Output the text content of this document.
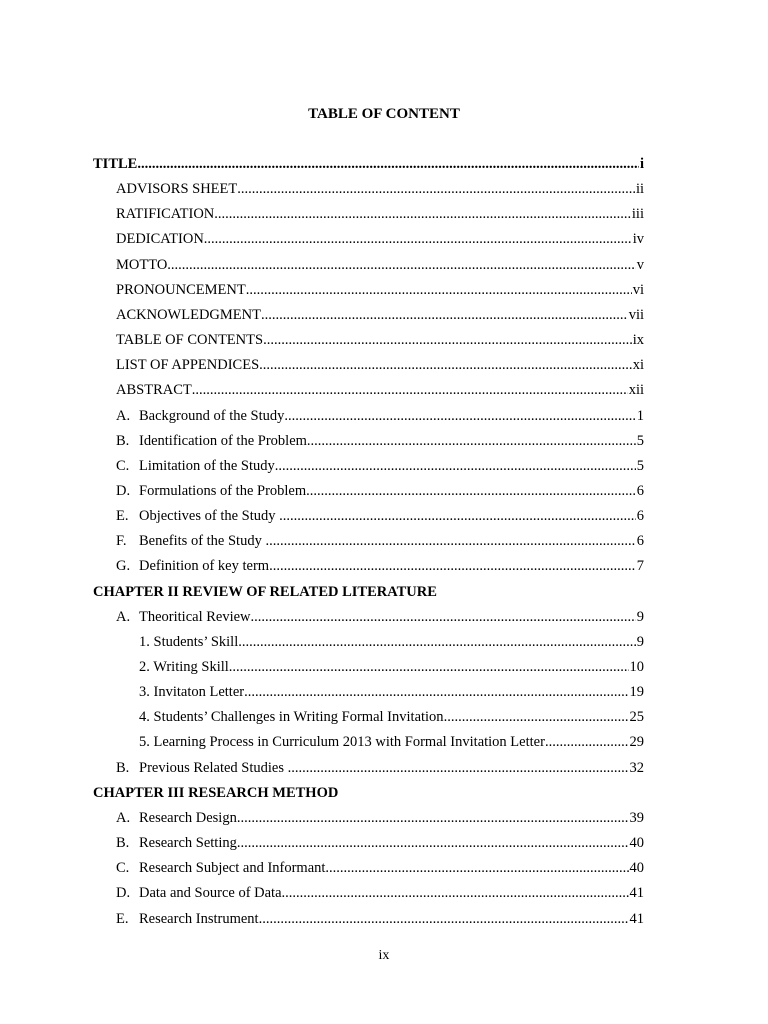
TABLE OF CONTENT
TITLE .....	i
ADVISORS SHEET .....	ii
RATIFICATION .....	iii
DEDICATION .....	iv
MOTTO .....	v
PRONOUNCEMENT .....	vi
ACKNOWLEDGMENT .....	vii
TABLE OF CONTENTS .....	ix
LIST OF APPENDICES .....	xi
ABSTRACT .....	xii
A. Background of the Study .....	1
B. Identification of the Problem .....	5
C. Limitation of the Study .....	5
D. Formulations of the Problem .....	6
E. Objectives of the Study .....	6
F. Benefits of the Study .....	6
G. Definition of key term .....	7
CHAPTER II REVIEW OF RELATED LITERATURE
A. Theoritical Review .....	9
1. Students’ Skill .....	9
2. Writing Skill .....	10
3. Invitaton Letter .....	19
4. Students’ Challenges in Writing Formal Invitation .....	25
5. Learning Process in Curriculum 2013 with Formal Invitation Letter .....	29
B. Previous Related Studies .....	32
CHAPTER III RESEARCH METHOD
A. Research Design .....	39
B. Research Setting .....	40
C. Research Subject and Informant .....	40
D. Data and Source of Data .....	41
E. Research Instrument .....	41
ix
